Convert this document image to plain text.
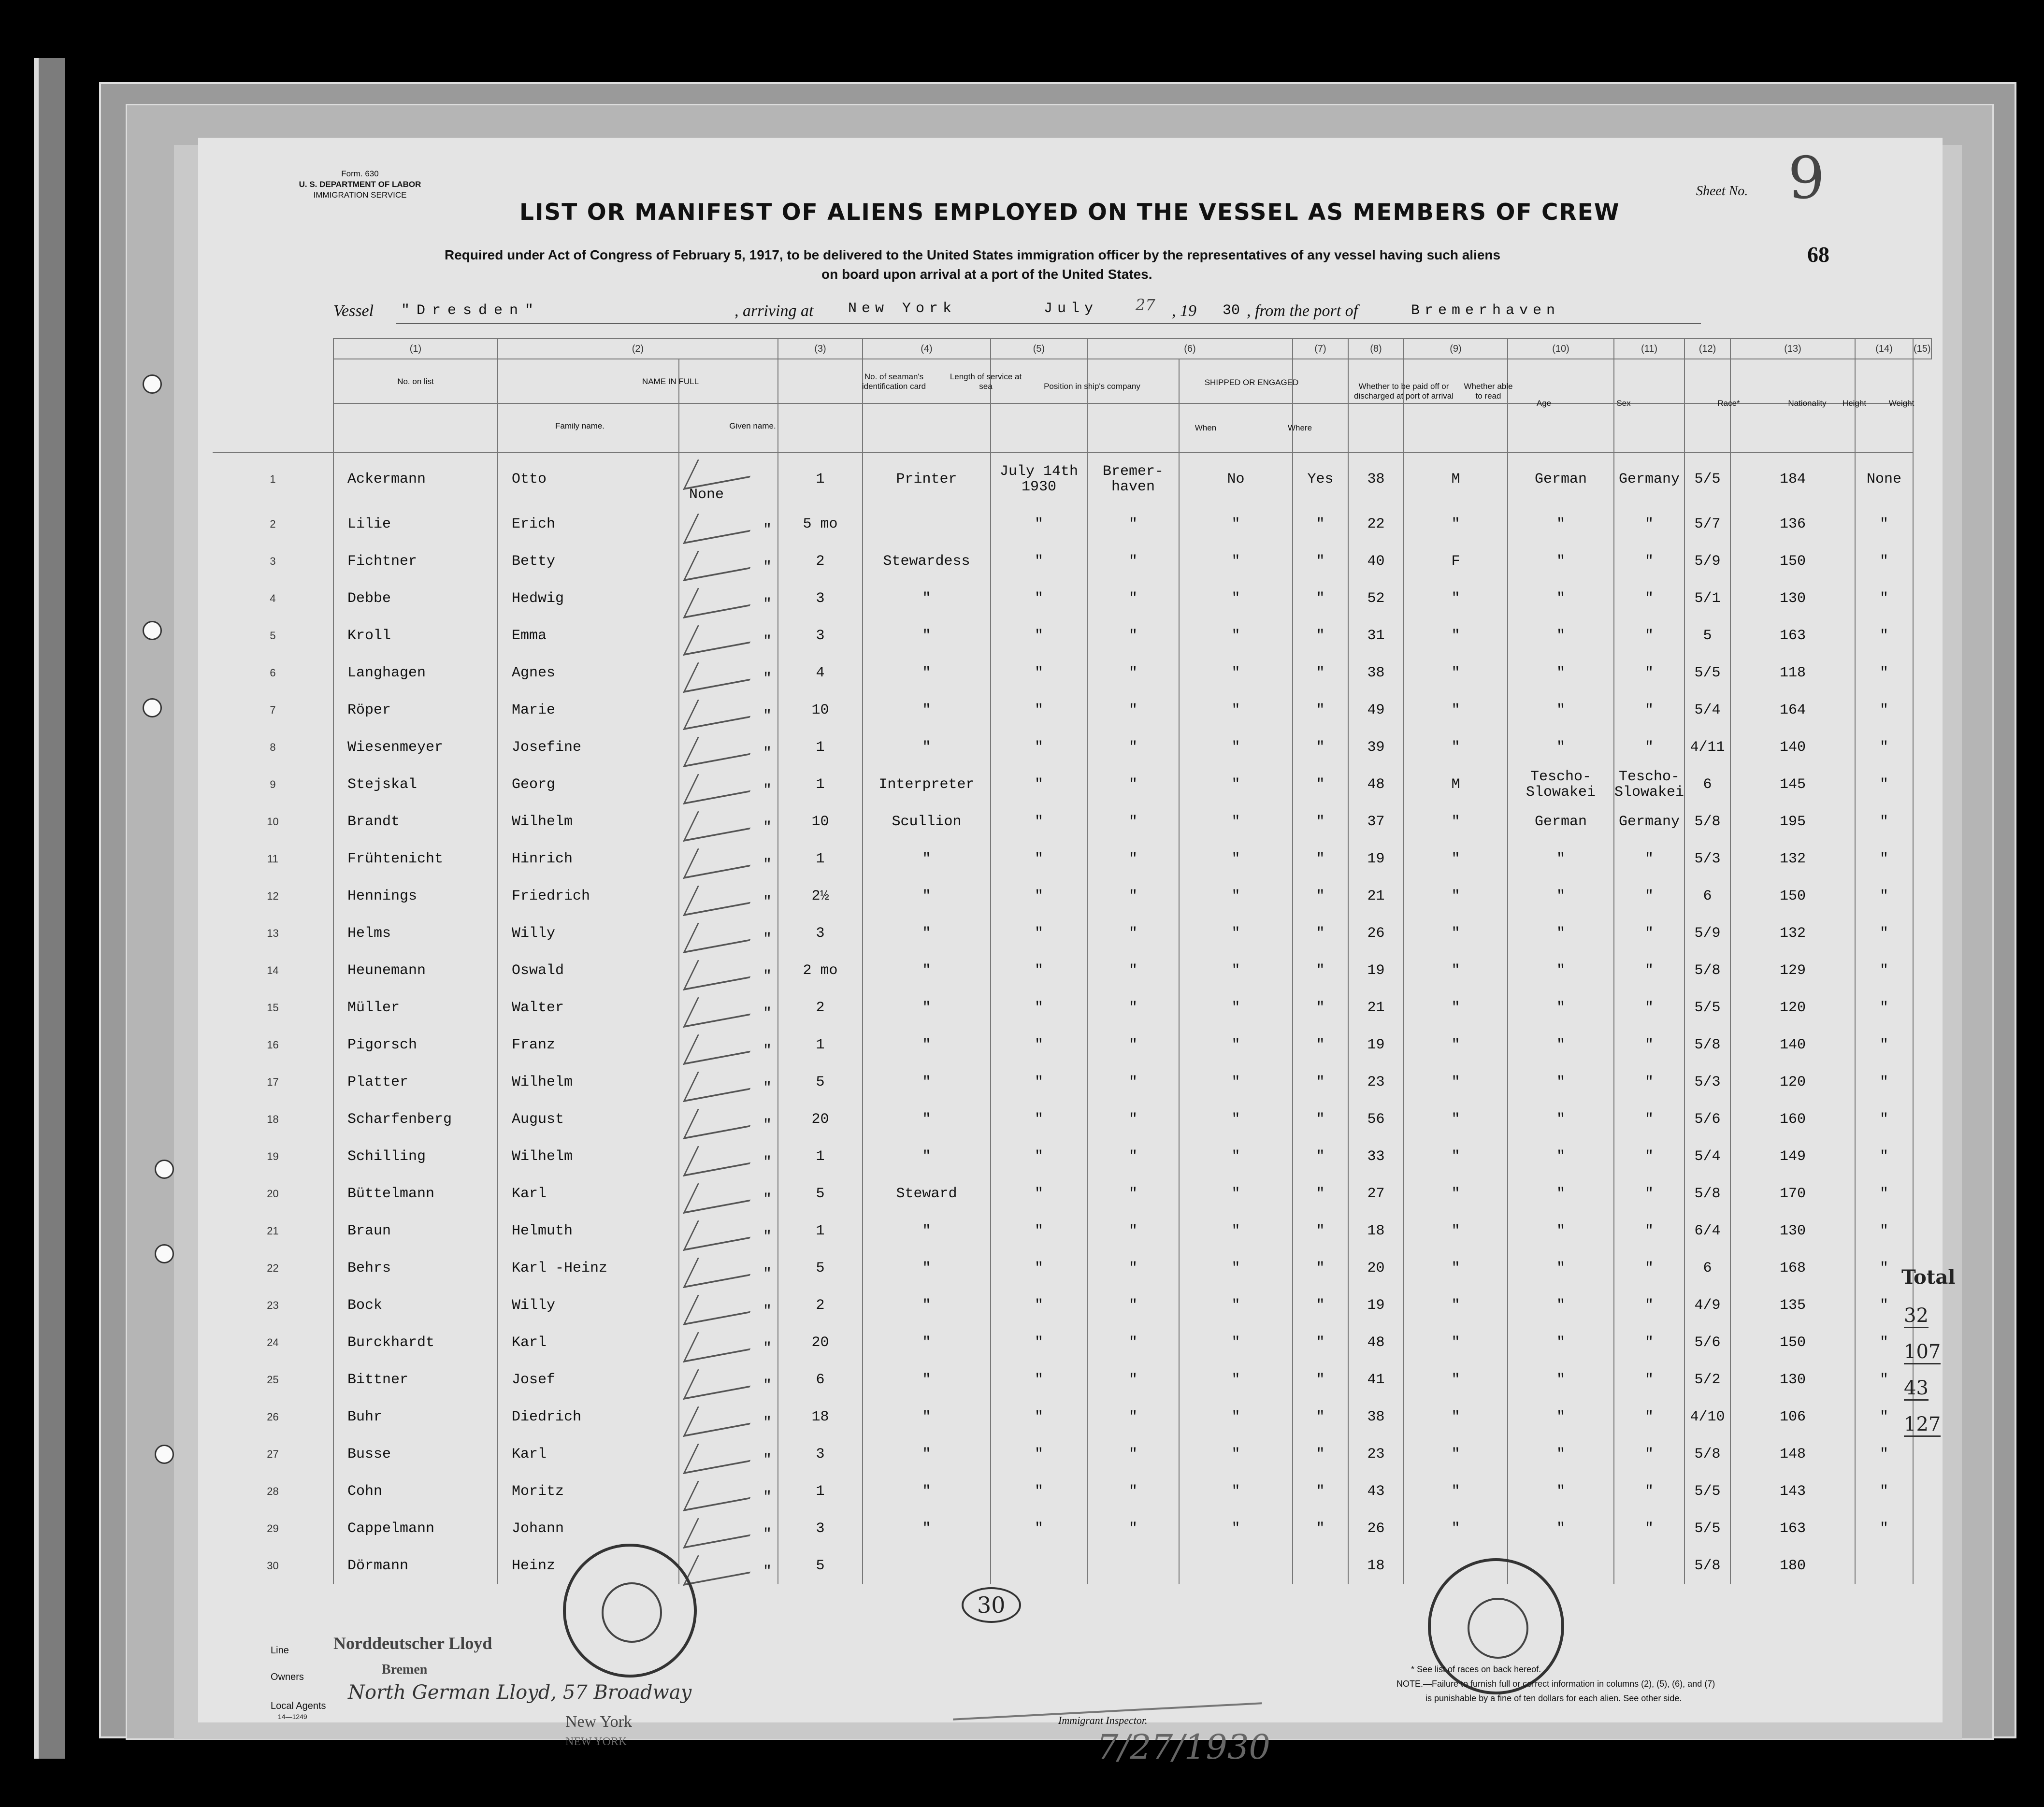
Form. 630
U. S. DEPARTMENT OF LABOR
IMMIGRATION SERVICE
LIST OR MANIFEST OF ALIENS EMPLOYED ON THE VESSEL AS MEMBERS OF CREW
Required under Act of Congress of February 5, 1917, to be delivered to the United States immigration officer by the representatives of any vessel having such aliens
on board upon arrival at a port of the United States.
Sheet No. 9
68
Vessel "Dresden"	, arriving at New York	July 27 , 19 30 , from the port of	Bremerhaven
	(1)	(2)		(3)	(4)	(5)	(6)		(7)	(8)	(9)	(10)	(11)	(12)	(13)	(14)	(15)

1	Ackermann	Otto	None	1	Printer	July 14th 1930	Bremer- haven	No	Yes	38	M	German	Germany	5/5	184	None	

2	Lilie	Erich	"	5 mo		"	"	"	"	22	"	"	"	5/7	136	"	

3	Fichtner	Betty	"	2	Stewardess	"	"	"	"	40	F	"	"	5/9	150	"	

4	Debbe	Hedwig	"	3	"	"	"	"	"	52	"	"	"	5/1	130	"	

5	Kroll	Emma	"	3	"	"	"	"	"	31	"	"	"	5	163	"	

6	Langhagen	Agnes	"	4	"	"	"	"	"	38	"	"	"	5/5	118	"	

7	Röper	Marie	"	10	"	"	"	"	"	49	"	"	"	5/4	164	"	

8	Wiesenmeyer	Josefine	"	1	"	"	"	"	"	39	"	"	"	4/11	140	"	

9	Stejskal	Georg	"	1	Interpreter	"	"	"	"	48	M	Tescho- Slowakei	Tescho- Slowakei	6	145	"	

10	Brandt	Wilhelm	"	10	Scullion	"	"	"	"	37	"	German	Germany	5/8	195	"	

11	Frühtenicht	Hinrich	"	1	"	"	"	"	"	19	"	"	"	5/3	132	"	

12	Hennings	Friedrich	"	2½	"	"	"	"	"	21	"	"	"	6	150	"	

13	Helms	Willy	"	3	"	"	"	"	"	26	"	"	"	5/9	132	"	

14	Heunemann	Oswald	"	2 mo	"	"	"	"	"	19	"	"	"	5/8	129	"	

15	Müller	Walter	"	2	"	"	"	"	"	21	"	"	"	5/5	120	"	

16	Pigorsch	Franz	"	1	"	"	"	"	"	19	"	"	"	5/8	140	"	

17	Platter	Wilhelm	"	5	"	"	"	"	"	23	"	"	"	5/3	120	"	

18	Scharfenberg	August	"	20	"	"	"	"	"	56	"	"	"	5/6	160	"	

19	Schilling	Wilhelm	"	1	"	"	"	"	"	33	"	"	"	5/4	149	"	

20	Büttelmann	Karl	"	5	Steward	"	"	"	"	27	"	"	"	5/8	170	"	

21	Braun	Helmuth	"	1	"	"	"	"	"	18	"	"	"	6/4	130	"	

22	Behrs	Karl -Heinz	"	5	"	"	"	"	"	20	"	"	"	6	168	"	

23	Bock	Willy	"	2	"	"	"	"	"	19	"	"	"	4/9	135	"	

24	Burckhardt	Karl	"	20	"	"	"	"	"	48	"	"	"	5/6	150	"	

25	Bittner	Josef	"	6	"	"	"	"	"	41	"	"	"	5/2	130	"	

26	Buhr	Diedrich	"	18	"	"	"	"	"	38	"	"	"	4/10	106	"	

27	Busse	Karl	"	3	"	"	"	"	"	23	"	"	"	5/8	148	"	

28	Cohn	Moritz	"	1	"	"	"	"	"	43	"	"	"	5/5	143	"	

29	Cappelmann	Johann	"	3	"	"	"	"	"	26	"	"	"	5/5	163	"	

30	Dörmann	Heinz	"	5						18				5/8	180		

No. on list	NAME IN FULL
Family name.	Given name.
No. of seaman's identification card
Length of service at sea	Position in ship's company	SHIPPED OR ENGAGED
When	Where
Whether to be paid off or discharged at port of arrival
Whether able to read
Age	Sex	Race*	Nationality	Height	Weight
Line	Norddeutscher Lloyd
Owners	Bremen
Local Agents
14—1249
North German Lloyd, 57 Broadway
New York
NEW YORK
30
Immigrant Inspector.
7/27/1930
* See list of races on back hereof.
NOTE.—Failure to furnish full or correct information in columns (2), (5), (6), and (7)
is punishable by a fine of ten dollars for each alien. See other side.
Total
32
107
43
127
